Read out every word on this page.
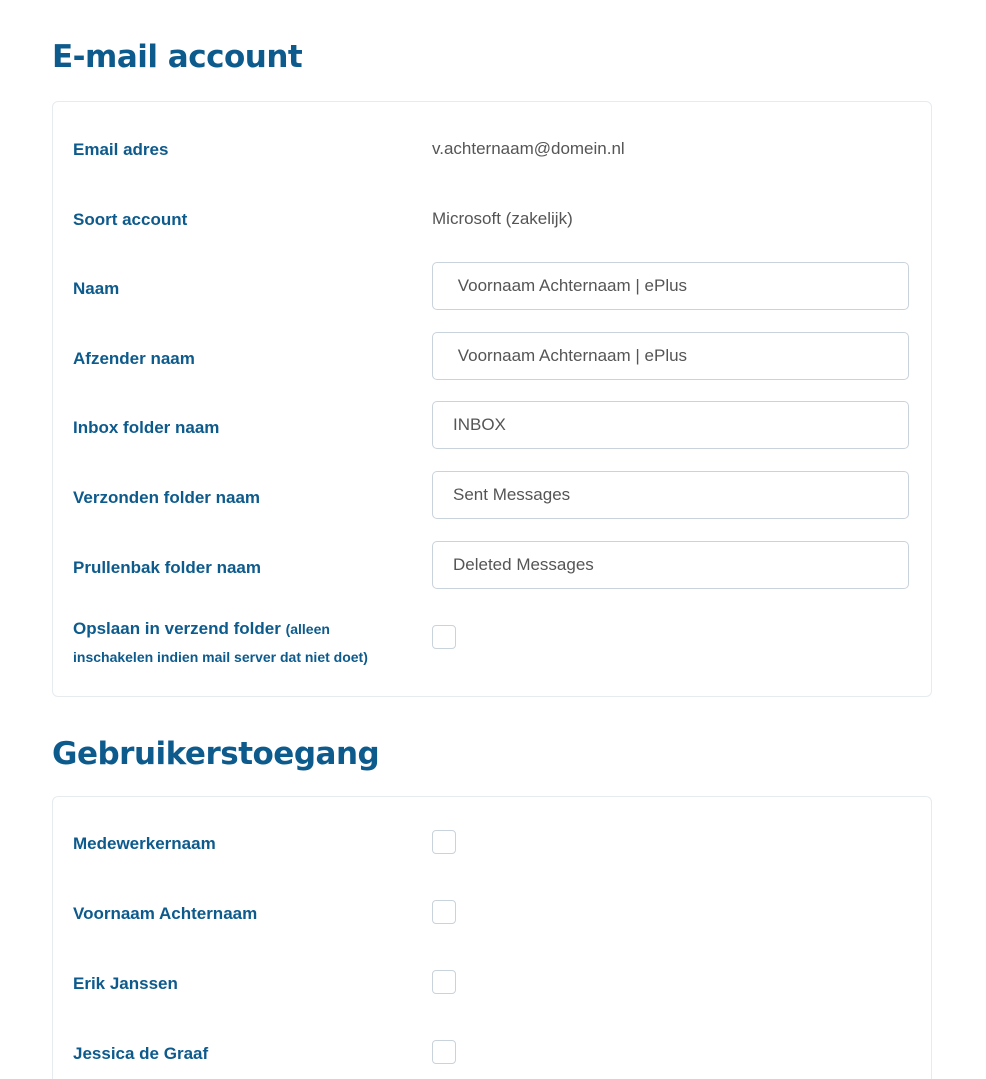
E-mail account
Email adres	v.achternaam@domein.nl
Soort account	Microsoft (zakelijk)
Naam	Voornaam Achternaam | ePlus
Afzender naam	Voornaam Achternaam | ePlus
Inbox folder naam	INBOX
Verzonden folder naam	Sent Messages
Prullenbak folder naam	Deleted Messages
Opslaan in verzend folder (alleen inschakelen indien mail server dat niet doet)
Gebruikerstoegang
Medewerkernaam
Voornaam Achternaam
Erik Janssen
Jessica de Graaf
